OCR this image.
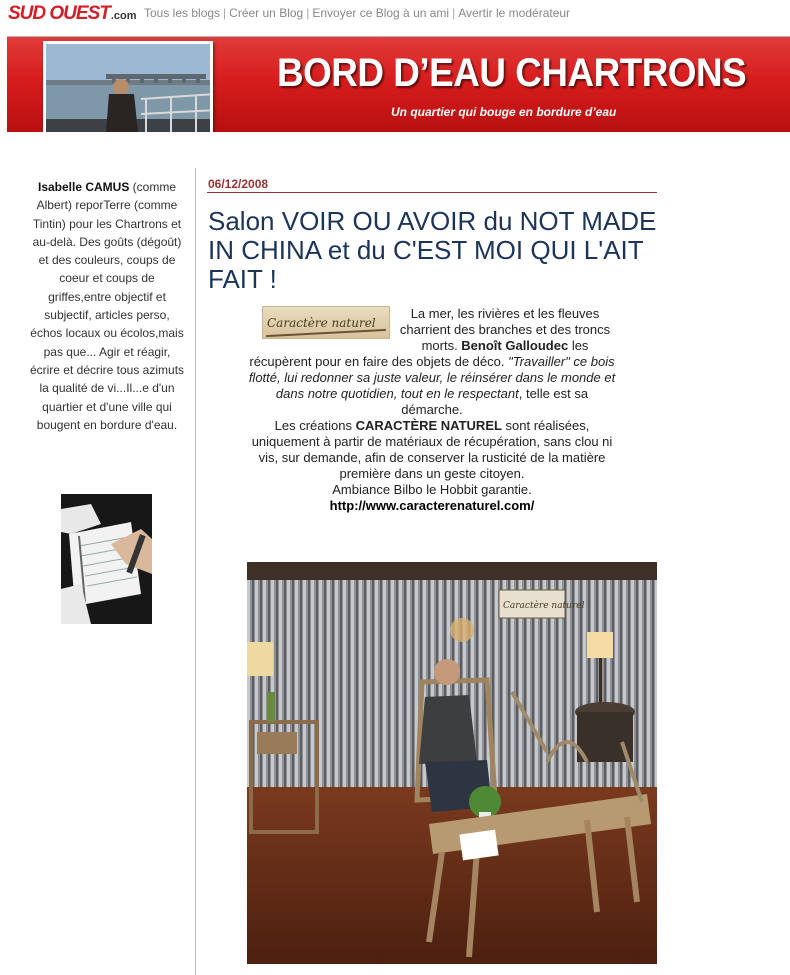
SUD OUEST.com Tous les blogs | Créer un Blog | Envoyer ce Blog à un ami | Avertir le modérateur
BORD D’EAU CHARTRONS
Un quartier qui bouge en bordure d’eau
Isabelle CAMUS (comme Albert) reporTerre (comme Tintin) pour les Chartrons et au-delà. Des goûts (dégoût) et des couleurs, coups de coeur et coups de griffes,entre objectif et subjectif, articles perso, échos locaux ou écolos,mais pas que... Agir et réagir, écrire et décrire tous azimuts la qualité de vi...Il...e d'un quartier et d'une ville qui bougent en bordure d'eau.
06/12/2008
Salon VOIR OU AVOIR du NOT MADE IN CHINA et du C'EST MOI QUI L'AIT FAIT !
Caractère naturel
La mer, les rivières et les fleuves charrient des branches et des troncs morts. Benoît Galloudec les récupèrent pour en faire des objets de déco. "Travailler" ce bois flotté, lui redonner sa juste valeur, le réinsérer dans le monde et dans notre quotidien, tout en le respectant, telle est sa démarche.
Les créations CARACTÈRE NATUREL sont réalisées, uniquement à partir de matériaux de récupération, sans clou ni vis, sur demande, afin de conserver la rusticité de la matière première dans un geste citoyen.
Ambiance Bilbo le Hobbit garantie.
http://www.caracterenaturel.com/
Caractère naturel
